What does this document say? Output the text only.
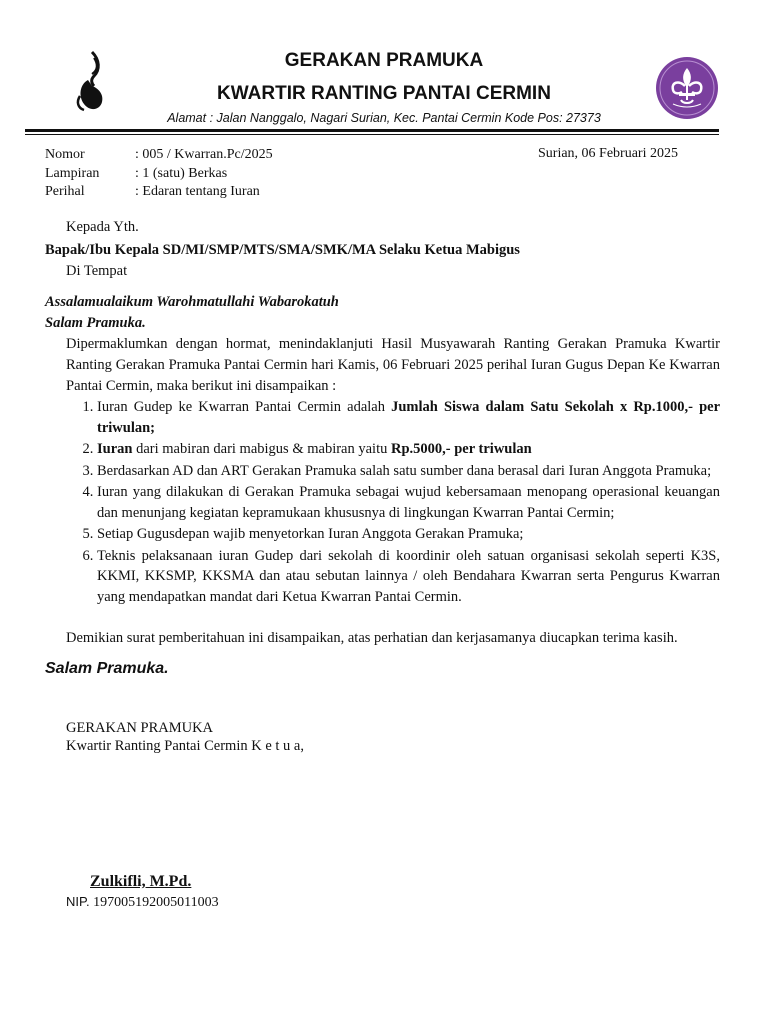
GERAKAN PRAMUKA
KWARTIR RANTING PANTAI CERMIN
Alamat : Jalan Nanggalo, Nagari Surian, Kec. Pantai Cermin Kode Pos: 27373
Nomor	: 005 / Kwarran.Pc/2025
Lampiran	: 1 (satu) Berkas
Perihal	: Edaran tentang Iuran
Surian, 06 Februari 2025
Kepada Yth.
Bapak/Ibu Kepala SD/MI/SMP/MTS/SMA/SMK/MA Selaku Ketua Mabigus
Di Tempat
Assalamualaikum Warohmatullahi Wabarokatuh
Salam Pramuka.
Dipermaklumkan dengan hormat, menindaklanjuti Hasil Musyawarah Ranting Gerakan Pramuka Kwartir Ranting Gerakan Pramuka Pantai Cermin hari Kamis, 06 Februari 2025 perihal Iuran Gugus Depan Ke Kwarran Pantai Cermin, maka berikut ini disampaikan :
1. Iuran Gudep ke Kwarran Pantai Cermin adalah Jumlah Siswa dalam Satu Sekolah x Rp.1000,- per triwulan;
2. Iuran dari mabiran dari mabigus & mabiran yaitu Rp.5000,- per triwulan
3. Berdasarkan AD dan ART Gerakan Pramuka salah satu sumber dana berasal dari Iuran Anggota Pramuka;
4. Iuran yang dilakukan di Gerakan Pramuka sebagai wujud kebersamaan menopang operasional keuangan dan menunjang kegiatan kepramukaan khususnya di lingkungan Kwarran Pantai Cermin;
5. Setiap Gugusdepan wajib menyetorkan Iuran Anggota Gerakan Pramuka;
6. Teknis pelaksanaan iuran Gudep dari sekolah di koordinir oleh satuan organisasi sekolah seperti K3S, KKMI, KKSMP, KKSMA dan atau sebutan lainnya / oleh Bendahara Kwarran serta Pengurus Kwarran yang mendapatkan mandat dari Ketua Kwarran Pantai Cermin.
Demikian surat pemberitahuan ini disampaikan, atas perhatian dan kerjasamanya diucapkan terima kasih.
Salam Pramuka.
GERAKAN PRAMUKA
Kwartir Ranting Pantai Cermin K e t u a,
Zulkifli, M.Pd.
NIP. 197005192005011003
